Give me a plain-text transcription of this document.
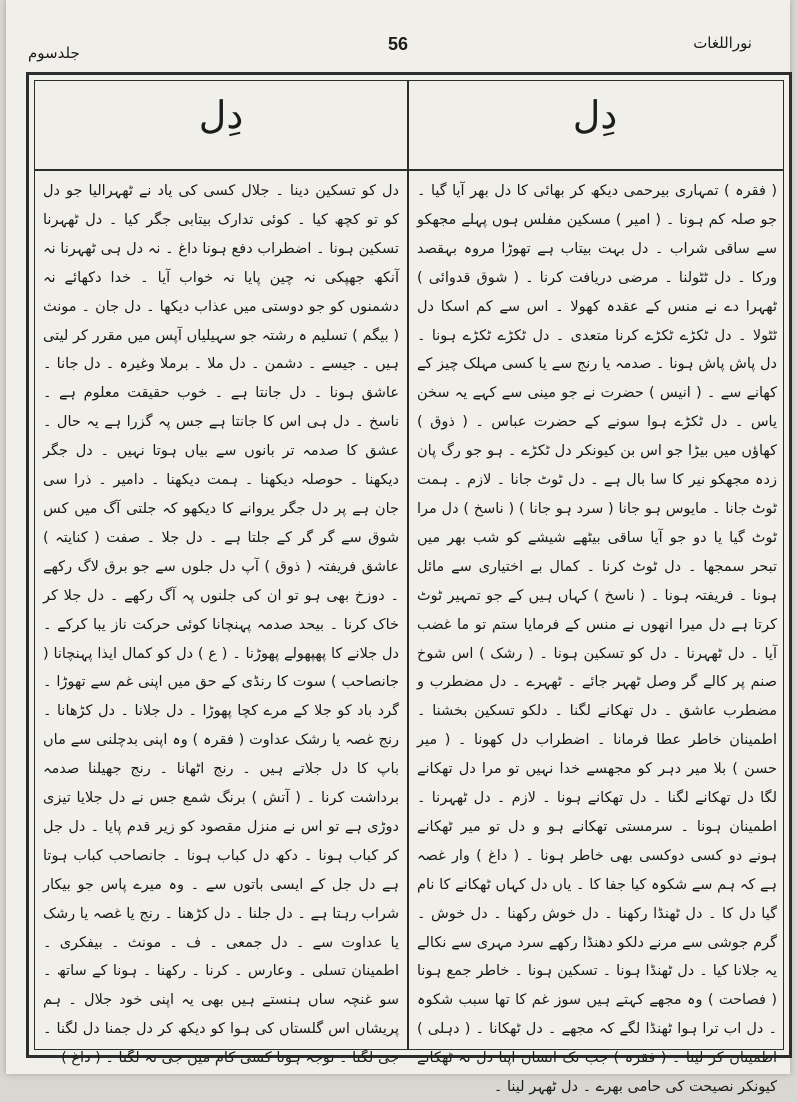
جلدسوم	56	نوراللغات
دِل	دِل

دل کو تسکین دینا ۔ جلال کسی کی یاد نے ٹھہرالیا جو دل کو تو کچھ کیا ۔ کوئی تدارک بیتابی جگر کیا ۔ دل ٹھہرنا تسکین ہونا ۔ اضطراب دفع ہونا داغ ۔ نہ دل ہی ٹھہرنا نہ آنکھ جھپکی نہ چین پایا نہ خواب آیا ۔ خدا دکھائے نہ دشمنوں کو جو دوستی میں عذاب دیکھا ۔ دل جان ۔ مونث ( بیگم ) تسلیم ہ رشتہ جو سہیلیاں آپس میں مقرر کر لیتی ہیں ۔ جیسے ۔ دشمن ۔ دل ملا ۔ برملا وغیرہ ۔ دل جانا ۔ عاشق ہونا ۔ دل جانتا ہے ۔ خوب حقیقت معلوم ہے ۔ ناسخ ۔ دل ہی اس کا جانتا ہے جس پہ گزرا ہے یہ حال ۔ عشق کا صدمہ تر بانوں سے بیاں ہوتا نہیں ۔ دل جگر دیکھنا ۔ حوصلہ دیکھنا ۔ ہمت دیکھنا ۔ دامیر ۔ ذرا سی جان ہے پر دل جگر یروانے کا دیکھو کہ جلتی آگ میں کس شوق سے گر گر کے جلتا ہے ۔ دل جلا ۔ صفت ( کنایتہ ) عاشق فریفتہ ( ذوق ) آپ دل جلوں سے جو برق لاگ رکھے ۔ دوزخ بھی ہو تو ان کی جلنوں پہ آگ رکھے ۔ دل جلا کر خاک کرنا ۔ بیحد صدمہ پہنچانا کوئی حرکت ناز یبا کرکے ۔ دل جلانے کا پھپھولے پھوڑنا ۔ ( ع ) دل کو کمال ایذا پہنچانا ( جانصاحب ) سوت کا رنڈی کے حق میں اپنی غم سے تھوڑا ۔ گرد باد کو جلا کے مرے کچا پھوڑا ۔ دل جلانا ۔ دل کڑھانا ۔ رنج غصہ یا رشک عداوت ( فقرہ ) وہ اپنی بدچلنی سے ماں باپ کا دل جلاتے ہیں ۔ رنج اٹھانا ۔ رنج جھیلنا صدمہ برداشت کرنا ۔ ( آتش ) برنگ شمع جس نے دل جلایا تیزی دوڑی ہے تو اس نے منزل مقصود کو زیر قدم پایا ۔ دل جل کر کباب ہونا ۔ دکھ دل کباب ہونا ۔ جانصاحب کباب ہوتا ہے دل جل کے ایسی باتوں سے ۔ وہ میرے پاس جو بیکار شراب رہتا ہے ۔ دل جلنا ۔ دل کڑھنا ۔ رنج یا غصہ یا رشک یا عداوت سے ۔ دل جمعی ۔ ف ۔ مونث ۔ بیفکری ۔ اطمینان تسلی ۔ وعارس ۔ کرنا ۔ رکھنا ۔ ہونا کے ساتھ ۔ سو غنچہ ساں ہنستے ہیں بھی یہ اپنی خود جلال ۔ ہم پریشاں اس گلستاں کی ہوا کو دیکھ کر دل جمنا دل لگنا ۔ جی لگنا ۔ توجہ ہونا کسی کام میں جی نہ لگنا ۔ ( داغ )

( فقرہ ) تمہاری بیرحمی دیکھ کر بھائی کا دل بھر آیا گیا ۔ جو صلہ کم ہونا ۔ ( امیر ) مسکین مفلس ہوں پہلے مجھکو سے ساقی شراب ۔ دل بہت بیتاب ہے تھوڑا مروہ بہقصد ورکا ۔ دل ٹٹولنا ۔ مرضی دریافت کرنا ۔ ( شوق قدوائی ) ٹھہرا دے نے منس کے عقدہ کھولا ۔ اس سے کم اسکا دل ٹٹولا ۔ دل ٹکڑے ٹکڑے کرنا متعدی ۔ دل ٹکڑے ٹکڑے ہونا ۔ دل پاش پاش ہونا ۔ صدمہ یا رنج سے یا کسی مہلک چیز کے کھانے سے ۔ ( انیس ) حضرت نے جو مینی سے کہے یہ سخن یاس ۔ دل ٹکڑے ہوا سونے کے حضرت عباس ۔ ( ذوق ) کھاؤں میں بیڑا جو اس بن کیونکر دل ٹکڑے ۔ ہو جو رگ پان زدہ مجھکو نیر کا سا بال ہے ۔ دل ٹوٹ جانا ۔ لازم ۔ ہمت ٹوٹ جانا ۔ مایوس ہو جانا ( سرد ہو جانا ) ( ناسخ ) دل مرا ٹوٹ گیا یا دو جو آیا ساقی بیٹھے شیشے کو شب بھر میں تبحر سمجھا ۔ دل ٹوٹ کرنا ۔ کمال بے اختیاری سے مائل ہونا ۔ فریفتہ ہونا ۔ ( ناسخ ) کہاں ہیں کے جو تمہیر ٹوٹ کرتا ہے دل میرا انھوں نے منس کے فرمایا ستم تو ما غضب آیا ۔ دل ٹھہرنا ۔ دل کو تسکین ہونا ۔ ( رشک ) اس شوخ صنم پر کالے گر وصل ٹھہر جائے ۔ ٹھہرے ۔ دل مضطرب و مضطرب عاشق ۔ دل تھکانے لگنا ۔ دلکو تسکین بخشنا ۔ اطمینان خاطر عطا فرمانا ۔ اضطراب دل کھونا ۔ ( میر حسن ) بلا میر دہر کو مجھسے خدا نہیں تو مرا دل تھکانے لگا دل تھکانے لگنا ۔ دل تھکانے ہونا ۔ لازم ۔ دل ٹھہرنا ۔ اطمینان ہونا ۔ سرمستی تھکانے ہو و دل تو میر ٹھکانے ہونے دو کسی دوکسی بھی خاطر ہونا ۔ ( داغ ) وار غصہ ہے کہ ہم سے شکوہ کیا جفا کا ۔ یاں دل کہاں ٹھکانے کا نام گیا دل کا ۔ دل ٹھنڈا رکھنا ۔ دل خوش رکھنا ۔ دل خوش ۔ گرم جوشی سے مرنے دلکو دھنڈا رکھے سرد مہری سے نکالے یہ جلانا کیا ۔ دل ٹھنڈا ہونا ۔ تسکین ہونا ۔ خاطر جمع ہونا ( فصاحت ) وہ مجھے کہتے ہیں سوز غم کا تھا سبب شکوہ ۔ دل اب ترا ہوا ٹھنڈا لگے کہ مجھے ۔ دل ٹھکانا ۔ ( دہلی ) اطمینان کر لینا ۔ ( فقرہ ) جب تک انسان اپنا دل نہ ٹھکانے کیونکر نصیحت کی حامی بھرے ۔ دل ٹھہر لینا ۔
